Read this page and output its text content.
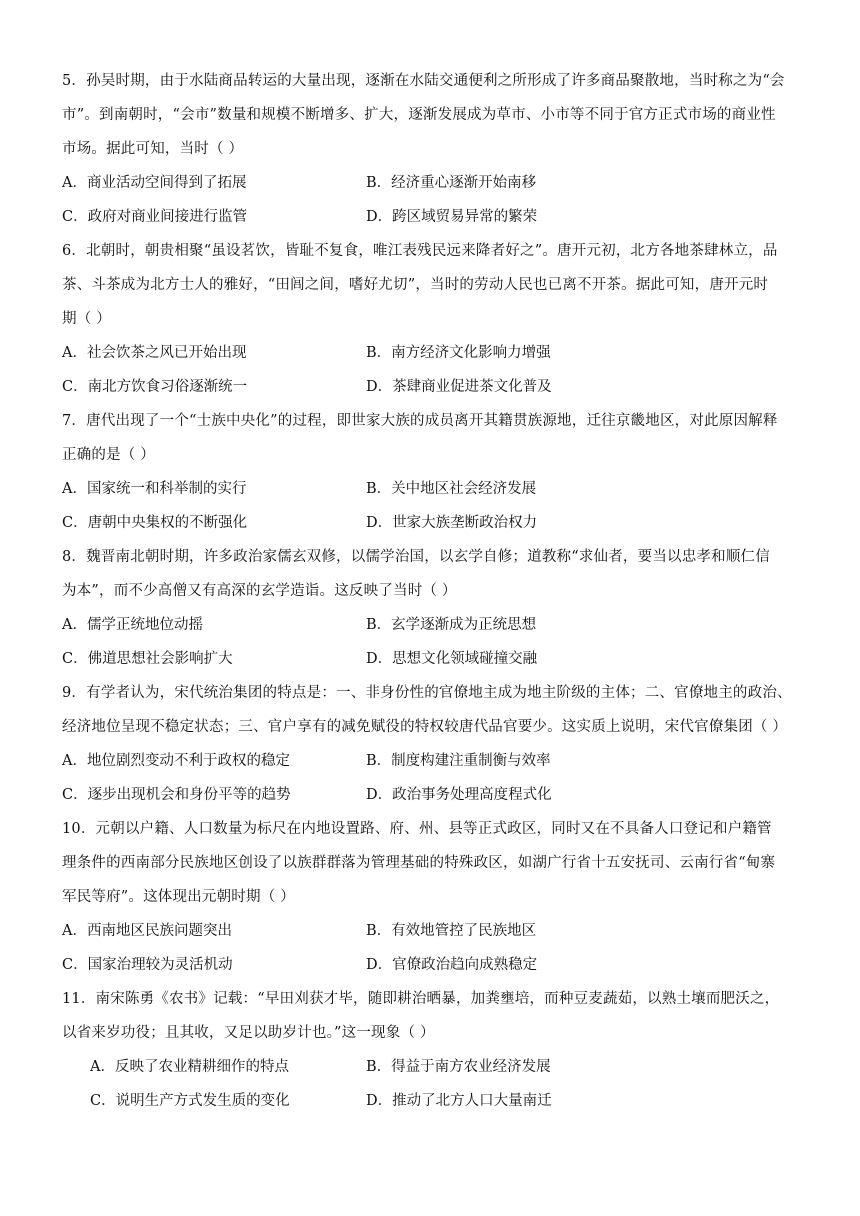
5．孙吴时期，由于水陆商品转运的大量出现，逐渐在水陆交通便利之所形成了许多商品聚散地，当时称之为“会
市”。到南朝时，“会市”数量和规模不断增多、扩大，逐渐发展成为草市、小市等不同于官方正式市场的商业性
市场。据此可知，当时（ ）
A．商业活动空间得到了拓展	B．经济重心逐渐开始南移
C．政府对商业间接进行监管	D．跨区域贸易异常的繁荣
6．北朝时，朝贵相聚“虽设茗饮，皆耻不复食，唯江表残民远来降者好之”。唐开元初，北方各地茶肆林立，品
茶、斗茶成为北方士人的雅好，“田闾之间，嗜好尤切”，当时的劳动人民也已离不开茶。据此可知，唐开元时
期（ ）
A．社会饮茶之风已开始出现	B．南方经济文化影响力增强
C．南北方饮食习俗逐渐统一	D．茶肆商业促进茶文化普及
7．唐代出现了一个“士族中央化”的过程，即世家大族的成员离开其籍贯族源地，迁往京畿地区，对此原因解释
正确的是（ ）
A．国家统一和科举制的实行	B．关中地区社会经济发展
C．唐朝中央集权的不断强化	D．世家大族垄断政治权力
8．魏晋南北朝时期，许多政治家儒玄双修，以儒学治国，以玄学自修；道教称“求仙者，要当以忠孝和顺仁信
为本”，而不少高僧又有高深的玄学造诣。这反映了当时（ ）
A．儒学正统地位动摇	B．玄学逐渐成为正统思想
C．佛道思想社会影响扩大	D．思想文化领域碰撞交融
9．有学者认为，宋代统治集团的特点是：一、非身份性的官僚地主成为地主阶级的主体；二、官僚地主的政治、
经济地位呈现不稳定状态；三、官户享有的减免赋役的特权较唐代品官要少。这实质上说明，宋代官僚集团（ ）
A．地位剧烈变动不利于政权的稳定	B．制度构建注重制衡与效率
C．逐步出现机会和身份平等的趋势	D．政治事务处理高度程式化
10．元朝以户籍、人口数量为标尺在内地设置路、府、州、县等正式政区，同时又在不具备人口登记和户籍管
理条件的西南部分民族地区创设了以族群群落为管理基础的特殊政区，如湖广行省十五安抚司、云南行省“甸寨
军民等府”。这体现出元朝时期（ ）
A．西南地区民族问题突出	B．有效地管控了民族地区
C．国家治理较为灵活机动	D．官僚政治趋向成熟稳定
11．南宋陈勇《农书》记载：“早田刈获才毕，随即耕治晒暴，加粪壅培，而种豆麦蔬茹，以熟土壤而肥沃之，
以省来岁功役；且其收，又足以助岁计也。”这一现象（ ）
A．反映了农业精耕细作的特点	B．得益于南方农业经济发展
C．说明生产方式发生质的变化	D．推动了北方人口大量南迁
